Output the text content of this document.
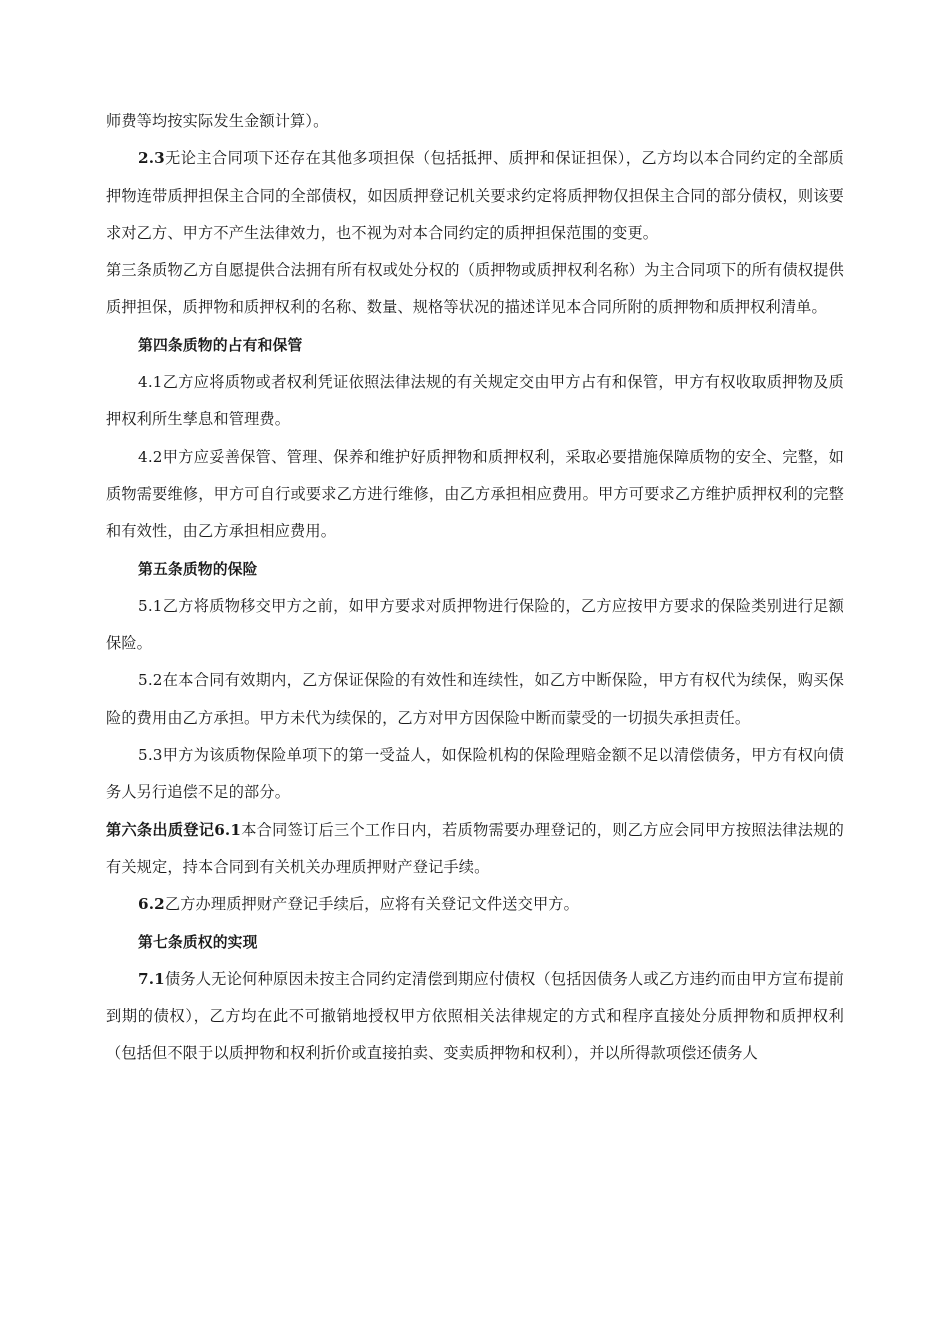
师费等均按实际发生金额计算）。

2.3无论主合同项下还存在其他多项担保（包括抵押、质押和保证担保），乙方均以本合同约定的全部质押物连带质押担保主合同的全部债权，如因质押登记机关要求约定将质押物仅担保主合同的部分债权，则该要求对乙方、甲方不产生法律效力，也不视为对本合同约定的质押担保范围的变更。

第三条质物乙方自愿提供合法拥有所有权或处分权的（质押物或质押权利名称）为主合同项下的所有债权提供质押担保，质押物和质押权利的名称、数量、规格等状况的描述详见本合同所附的质押物和质押权利清单。

第四条质物的占有和保管

4.1乙方应将质物或者权利凭证依照法律法规的有关规定交由甲方占有和保管，甲方有权收取质押物及质押权利所生孳息和管理费。

4.2甲方应妥善保管、管理、保养和维护好质押物和质押权利，采取必要措施保障质物的安全、完整，如质物需要维修，甲方可自行或要求乙方进行维修，由乙方承担相应费用。甲方可要求乙方维护质押权利的完整和有效性，由乙方承担相应费用。

第五条质物的保险

5.1乙方将质物移交甲方之前，如甲方要求对质押物进行保险的，乙方应按甲方要求的保险类别进行足额保险。

5.2在本合同有效期内，乙方保证保险的有效性和连续性，如乙方中断保险，甲方有权代为续保，购买保险的费用由乙方承担。甲方未代为续保的，乙方对甲方因保险中断而蒙受的一切损失承担责任。

5.3甲方为该质物保险单项下的第一受益人，如保险机构的保险理赔金额不足以清偿债务，甲方有权向债务人另行追偿不足的部分。

第六条出质登记6.1本合同签订后三个工作日内，若质物需要办理登记的，则乙方应会同甲方按照法律法规的有关规定，持本合同到有关机关办理质押财产登记手续。

6.2乙方办理质押财产登记手续后，应将有关登记文件送交甲方。

第七条质权的实现

7.1债务人无论何种原因未按主合同约定清偿到期应付债权（包括因债务人或乙方违约而由甲方宣布提前到期的债权），乙方均在此不可撤销地授权甲方依照相关法律规定的方式和程序直接处分质押物和质押权利（包括但不限于以质押物和权利折价或直接拍卖、变卖质押物和权利），并以所得款项偿还债务人
